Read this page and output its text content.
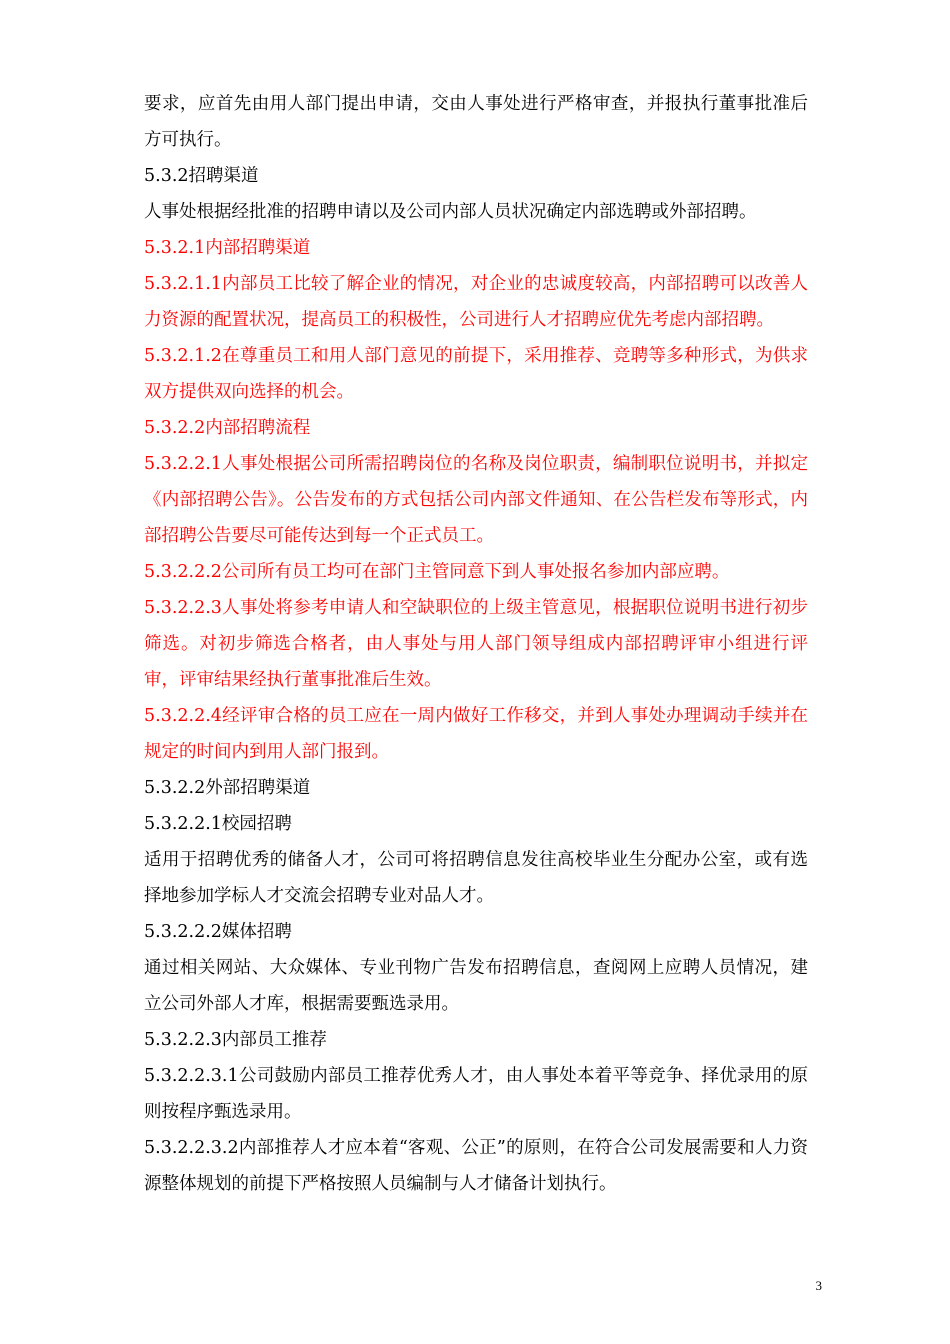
要求，应首先由用人部门提出申请，交由人事处进行严格审查，并报执行董事批准后方可执行。

5.3.2招聘渠道

人事处根据经批准的招聘申请以及公司内部人员状况确定内部选聘或外部招聘。

5.3.2.1内部招聘渠道

5.3.2.1.1内部员工比较了解企业的情况，对企业的忠诚度较高，内部招聘可以改善人力资源的配置状况，提高员工的积极性，公司进行人才招聘应优先考虑内部招聘。

5.3.2.1.2在尊重员工和用人部门意见的前提下，采用推荐、竞聘等多种形式，为供求双方提供双向选择的机会。

5.3.2.2内部招聘流程

5.3.2.2.1人事处根据公司所需招聘岗位的名称及岗位职责，编制职位说明书，并拟定《内部招聘公告》。公告发布的方式包括公司内部文件通知、在公告栏发布等形式，内部招聘公告要尽可能传达到每一个正式员工。

5.3.2.2.2公司所有员工均可在部门主管同意下到人事处报名参加内部应聘。

5.3.2.2.3人事处将参考申请人和空缺职位的上级主管意见，根据职位说明书进行初步筛选。对初步筛选合格者，由人事处与用人部门领导组成内部招聘评审小组进行评审，评审结果经执行董事批准后生效。

5.3.2.2.4经评审合格的员工应在一周内做好工作移交，并到人事处办理调动手续并在规定的时间内到用人部门报到。

5.3.2.2外部招聘渠道

5.3.2.2.1校园招聘

适用于招聘优秀的储备人才，公司可将招聘信息发往高校毕业生分配办公室，或有选择地参加学标人才交流会招聘专业对品人才。

5.3.2.2.2媒体招聘

通过相关网站、大众媒体、专业刊物广告发布招聘信息，查阅网上应聘人员情况，建立公司外部人才库，根据需要甄选录用。

5.3.2.2.3内部员工推荐

5.3.2.2.3.1公司鼓励内部员工推荐优秀人才，由人事处本着平等竞争、择优录用的原则按程序甄选录用。

5.3.2.2.3.2内部推荐人才应本着“客观、公正”的原则，在符合公司发展需要和人力资源整体规划的前提下严格按照人员编制与人才储备计划执行。

3
